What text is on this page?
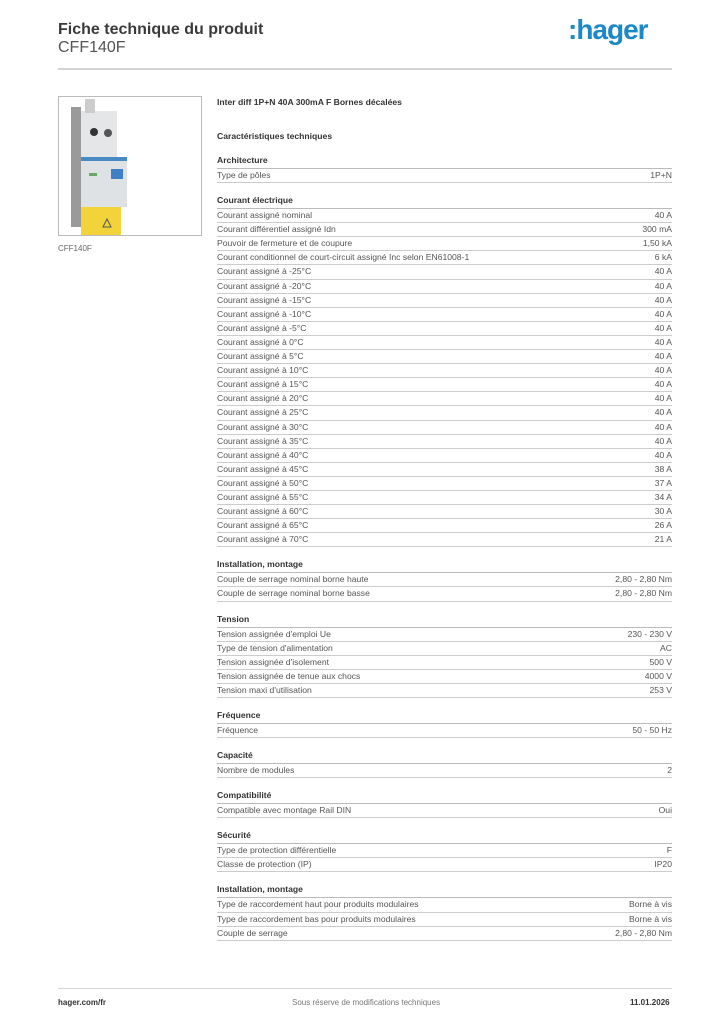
Fiche technique du produit
CFF140F
:hager
CFF140F
Inter diff 1P+N 40A 300mA F Bornes décalées
Caractéristiques techniques
Architecture
Type de pôles	1P+N
Courant électrique
Courant assigné nominal	40 A
Courant différentiel assigné Idn	300 mA
Pouvoir de fermeture et de coupure	1,50 kA
Courant conditionnel de court-circuit assigné Inc selon EN61008-1	6 kA
Courant assigné à -25°C	40 A
Courant assigné à -20°C	40 A
Courant assigné à -15°C	40 A
Courant assigné à -10°C	40 A
Courant assigné à -5°C	40 A
Courant assigné à 0°C	40 A
Courant assigné à 5°C	40 A
Courant assigné à 10°C	40 A
Courant assigné à 15°C	40 A
Courant assigné à 20°C	40 A
Courant assigné à 25°C	40 A
Courant assigné à 30°C	40 A
Courant assigné à 35°C	40 A
Courant assigné à 40°C	40 A
Courant assigné à 45°C	38 A
Courant assigné à 50°C	37 A
Courant assigné à 55°C	34 A
Courant assigné à 60°C	30 A
Courant assigné à 65°C	26 A
Courant assigné à 70°C	21 A
Installation, montage
Couple de serrage nominal borne haute	2,80 - 2,80 Nm
Couple de serrage nominal borne basse	2,80 - 2,80 Nm
Tension
Tension assignée d'emploi Ue	230 - 230 V
Type de tension d'alimentation	AC
Tension assignée d'isolement	500 V
Tension assignée de tenue aux chocs	4000 V
Tension maxi d'utilisation	253 V
Fréquence
Fréquence	50 - 50 Hz
Capacité
Nombre de modules	2
Compatibilité
Compatible avec montage Rail DIN	Oui
Sécurité
Type de protection différentielle	F
Classe de protection (IP)	IP20
Installation, montage
Type de raccordement haut pour produits modulaires	Borne à vis
Type de raccordement bas pour produits modulaires	Borne à vis
Couple de serrage	2,80 - 2,80 Nm
hager.com/fr	Sous réserve de modifications techniques	11.01.2026
